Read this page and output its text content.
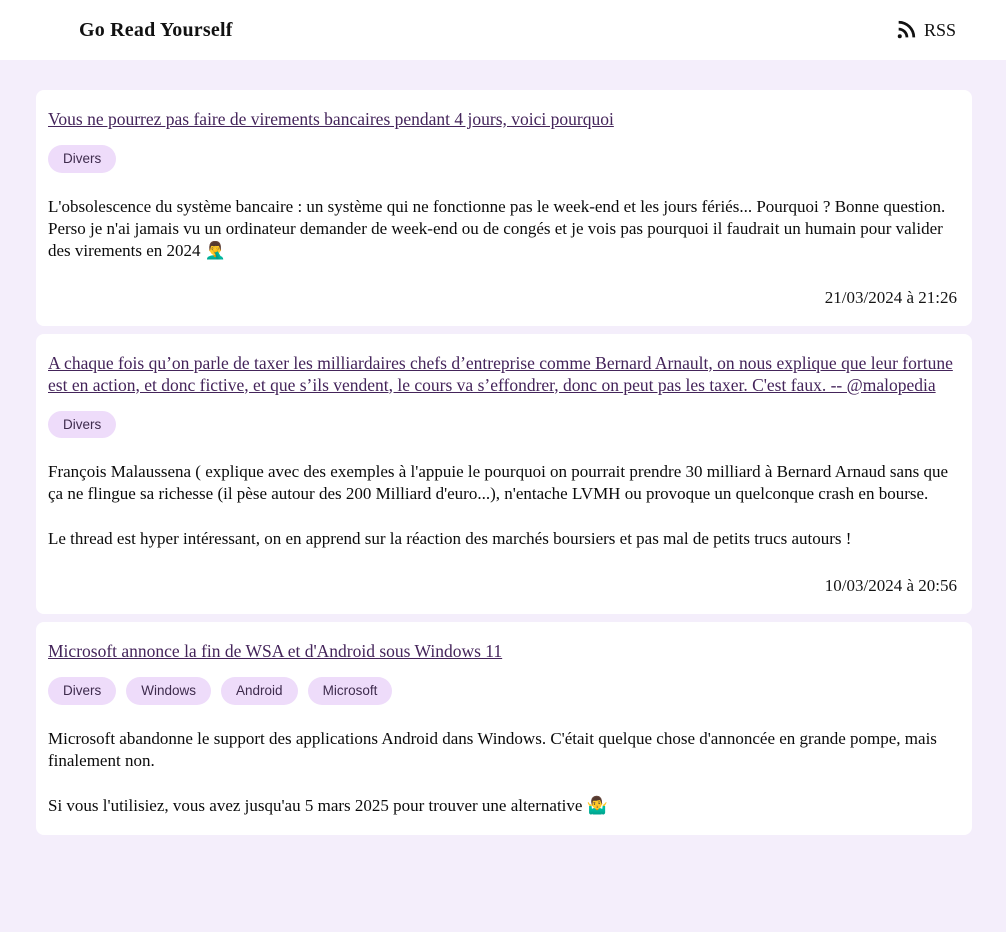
Go Read Yourself	RSS
Vous ne pourrez pas faire de virements bancaires pendant 4 jours, voici pourquoi
Divers

L'obsolescence du système bancaire : un système qui ne fonctionne pas le week-end et les jours fériés... Pourquoi ? Bonne question. Perso je n'ai jamais vu un ordinateur demander de week-end ou de congés et je vois pas pourquoi il faudrait un humain pour valider des virements en 2024 🤦‍♂️

21/03/2024 à 21:26
A chaque fois qu’on parle de taxer les milliardaires chefs d’entreprise comme Bernard Arnault, on nous explique que leur fortune est en action, et donc fictive, et que s’ils vendent, le cours va s’effondrer, donc on peut pas les taxer. C'est faux. -- @malopedia
Divers

François Malaussena ( explique avec des exemples à l'appuie le pourquoi on pourrait prendre 30 milliard à Bernard Arnaud sans que ça ne flingue sa richesse (il pèse autour des 200 Milliard d'euro...), n'entache LVMH ou provoque un quelconque crash en bourse.

Le thread est hyper intéressant, on en apprend sur la réaction des marchés boursiers et pas mal de petits trucs autours !

10/03/2024 à 20:56
Microsoft annonce la fin de WSA et d'Android sous Windows 11
Divers	Windows	Android	Microsoft

Microsoft abandonne le support des applications Android dans Windows. C'était quelque chose d'annoncée en grande pompe, mais finalement non.

Si vous l'utilisiez, vous avez jusqu'au 5 mars 2025 pour trouver une alternative 🤷‍♂️
